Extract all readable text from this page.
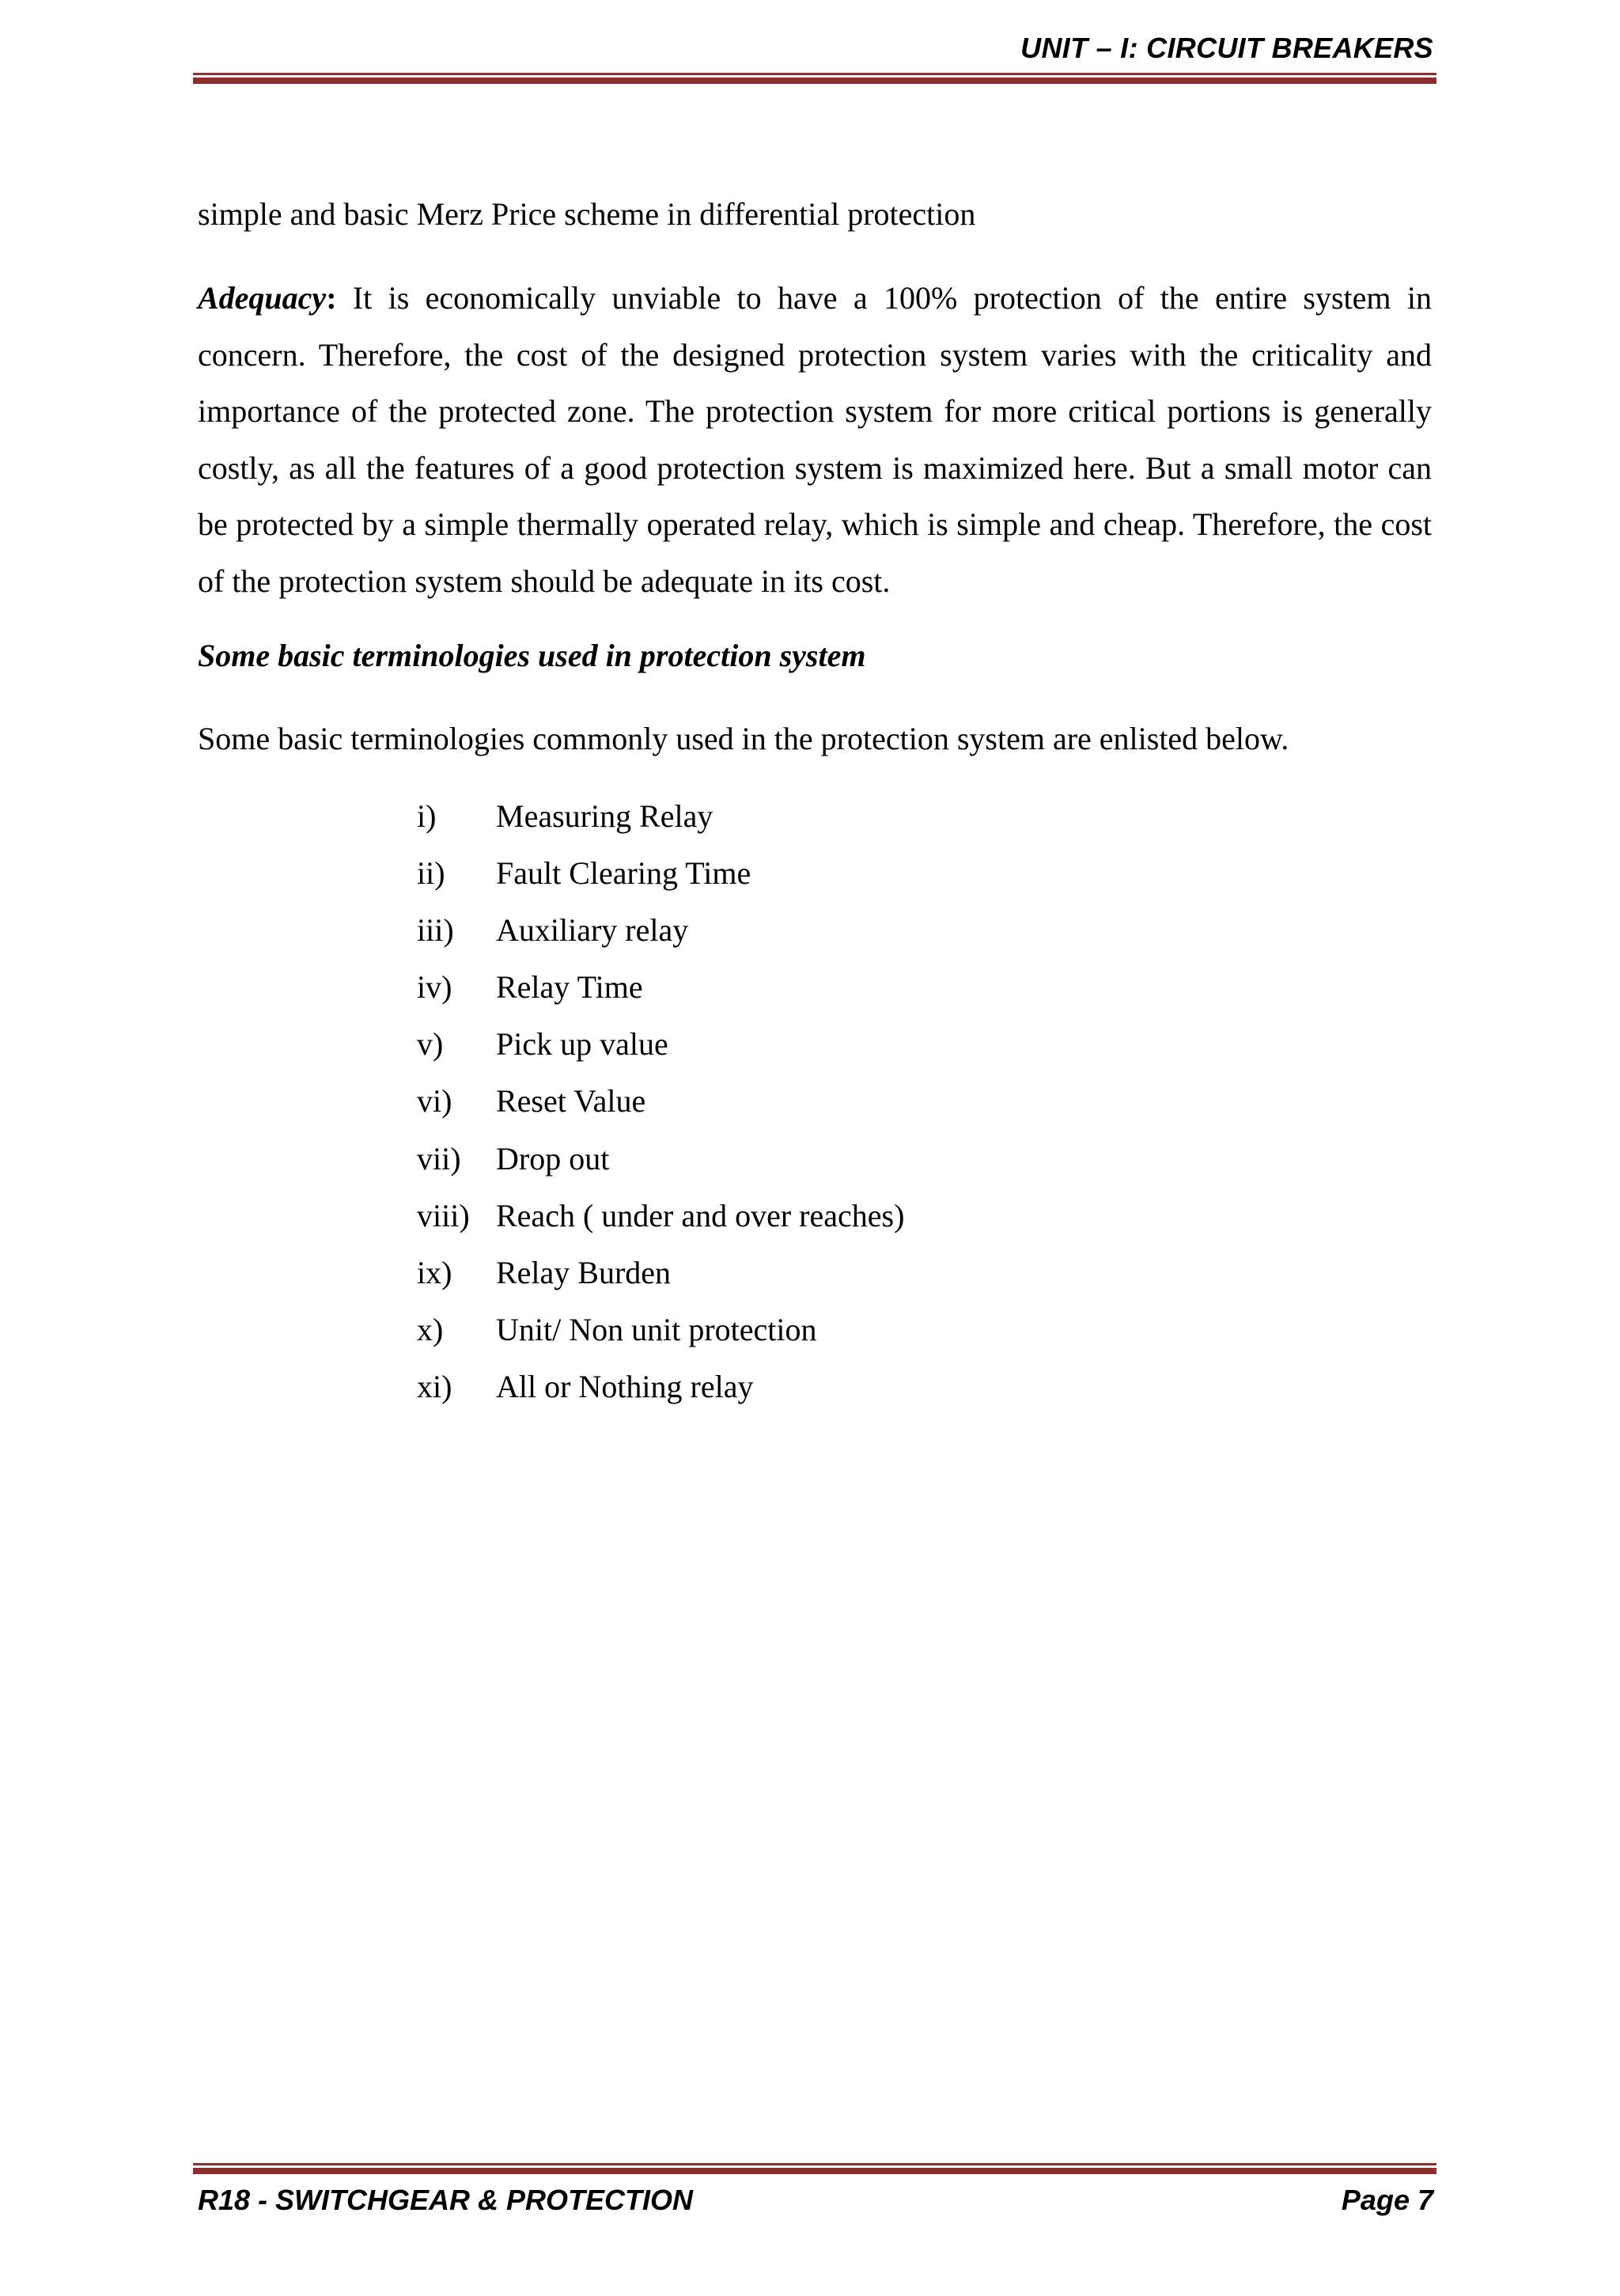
UNIT – I: CIRCUIT BREAKERS

simple and basic Merz Price scheme in differential protection

Adequacy: It is economically unviable to have a 100% protection of the entire system in concern. Therefore, the cost of the designed protection system varies with the criticality and importance of the protected zone. The protection system for more critical portions is generally costly, as all the features of a good protection system is maximized here. But a small motor can be protected by a simple thermally operated relay, which is simple and cheap. Therefore, the cost of the protection system should be adequate in its cost.

Some basic terminologies used in protection system

Some basic terminologies commonly used in the protection system are enlisted below.

i) Measuring Relay
ii) Fault Clearing Time
iii) Auxiliary relay
iv) Relay Time
v) Pick up value
vi) Reset Value
vii) Drop out
viii) Reach ( under and over reaches)
ix) Relay Burden
x) Unit/ Non unit protection
xi) All or Nothing relay
R18 - SWITCHGEAR & PROTECTION	Page 7
